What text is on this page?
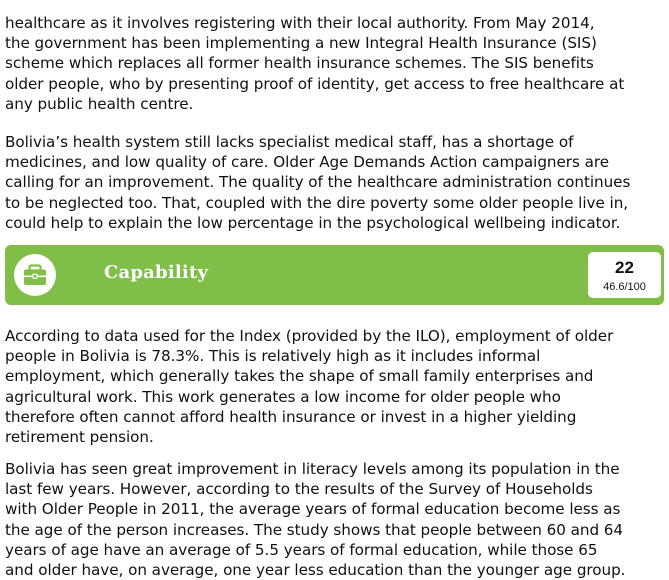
healthcare as it involves registering with their local authority. From May 2014,
the government has been implementing a new Integral Health Insurance (SIS)
scheme which replaces all former health insurance schemes. The SIS benefits
older people, who by presenting proof of identity, get access to free healthcare at
any public health centre.

Bolivia’s health system still lacks specialist medical staff, has a shortage of
medicines, and low quality of care. Older Age Demands Action campaigners are
calling for an improvement. The quality of the healthcare administration continues
to be neglected too. That, coupled with the dire poverty some older people live in,
could help to explain the low percentage in the psychological wellbeing indicator.

Capability	22
46.6/100

According to data used for the Index (provided by the ILO), employment of older
people in Bolivia is 78.3%. This is relatively high as it includes informal
employment, which generally takes the shape of small family enterprises and
agricultural work. This work generates a low income for older people who
therefore often cannot afford health insurance or invest in a higher yielding
retirement pension.

Bolivia has seen great improvement in literacy levels among its population in the
last few years. However, according to the results of the Survey of Households
with Older People in 2011, the average years of formal education become less as
the age of the person increases. The study shows that people between 60 and 64
years of age have an average of 5.5 years of formal education, while those 65
and older have, on average, one year less education than the younger age group.
